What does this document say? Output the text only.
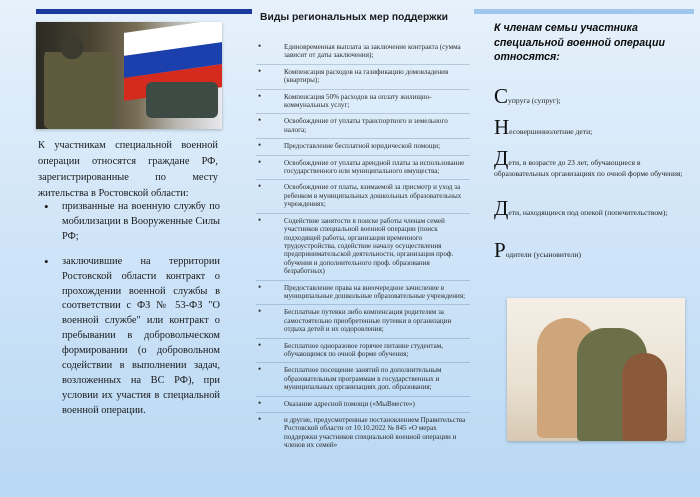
К участникам специальной военной операции относятся граждане РФ, зарегистрированные по месту жительства в Ростовской области:

• призванные на военную службу по мобилизации в Вооруженные Силы РФ;
• заключившие на территории Ростовской области контракт о прохождении военной службы в соответствии с ФЗ № 53-ФЗ "О военной службе" или контракт о пребывании в добровольческом формировании (о добровольном содействии в выполнении задач, возложенных на ВС РФ), при условии их участия в специальной военной операции.
Виды региональных мер поддержки
• Единовременная выплата за заключение контракта (сумма зависит от даты заключения);
• Компенсация расходов на газификацию домовладения (квартиры);
• Компенсация 50% расходов на оплату жилищно-коммунальных услуг;
• Освобождение от уплаты транспортного и земельного налога;
• Предоставление бесплатной юридической помощи;
• Освобождение от уплаты арендной платы за использование государственного или муниципального имущества;
• Освобождение от платы, взимаемой за присмотр и уход за ребенком в муниципальных дошкольных образовательных учреждениях;
• Содействие занятости в поиске работы членам семей участников специальной военной операции (поиск подходящей работы, организация временного трудоустройства, содействие началу осуществления предпринимательской деятельности, организация проф. обучения и дополнительного проф. образования безработных)
• Предоставление права на внеочередное зачисление в муниципальные дошкольные образовательные учреждения;
• Бесплатные путевки либо компенсация родителям за самостоятельно приобретенные путевки в организации отдыха детей и их оздоровления;
• Бесплатное одноразовое горячее питание студентам, обучающимся по очной форме обучения;
• Бесплатное посещение занятий по дополнительным образовательным программам в государственных и муниципальных организациях доп. образования;
• Оказание адресной помощи («МыВместе»)
• и другие, предусмотренные постановлением Правительства Ростовской области от 10.10.2022 № 845 «О мерах поддержки участников специальной военной операции и членов их семей»
К членам семьи участника специальной военной операции относятся:
Супруга (супруг);
Несовершеннолетние дети;
Дети, в возрасте до 23 лет, обучающиеся в образовательных организациях по очной форме обучения;
Дети, находящиеся под опекой (попечительством);
Родители (усыновители)
